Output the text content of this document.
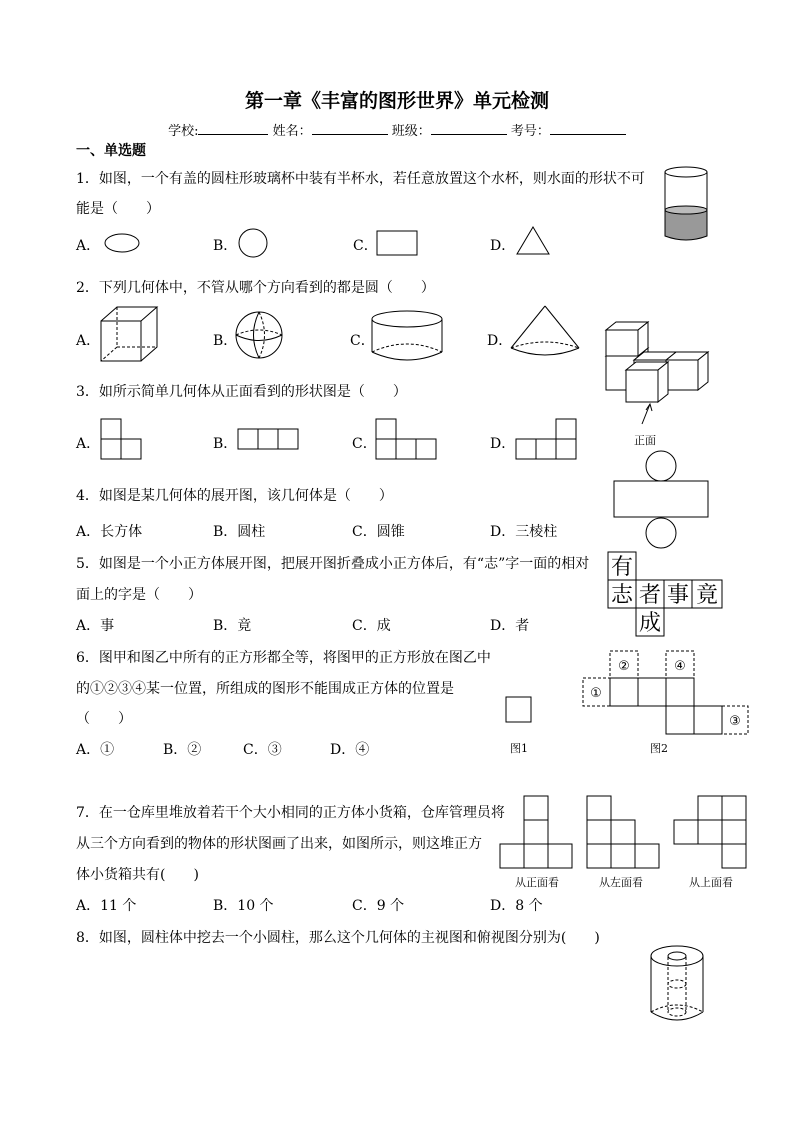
第一章《丰富的图形世界》单元检测
学校:	姓名：	班级：	考号：
一、单选题
1．如图，一个有盖的圆柱形玻璃杯中装有半杯水，若任意放置这个水杯，则水面的形状不可
能是（　　）
A．	B．	C．	D．
2．下列几何体中，不管从哪个方向看到的都是圆（　　）
A．	B．	C．	D．
正面
3．如所示简单几何体从正面看到的形状图是（　　）
A．	B．	C．	D．
4．如图是某几何体的展开图，该几何体是（　　）
A．长方体	B．圆柱	C．圆锥	D．三棱柱
5．如图是一个小正方体展开图，把展开图折叠成小正方体后，有“志”字一面的相对
面上的字是（　　）
A．事	B．竟	C．成	D．者
有
志 者 事 竟
成
6．图甲和图乙中所有的正方形都全等，将图甲的正方形放在图乙中
的①②③④某一位置，所组成的图形不能围成正方体的位置是
（　　）
A．①	B．②	C．③	D．④	图1
①
②	④
③
图2
7．在一仓库里堆放着若干个大小相同的正方体小货箱，仓库管理员将
从三个方向看到的物体的形状图画了出来，如图所示，则这堆正方
体小货箱共有(　　)
A．11 个	B．10 个	C．9 个	D．8 个
从正面看	从左面看	从上面看
8．如图，圆柱体中挖去一个小圆柱，那么这个几何体的主视图和俯视图分别为(　　)
